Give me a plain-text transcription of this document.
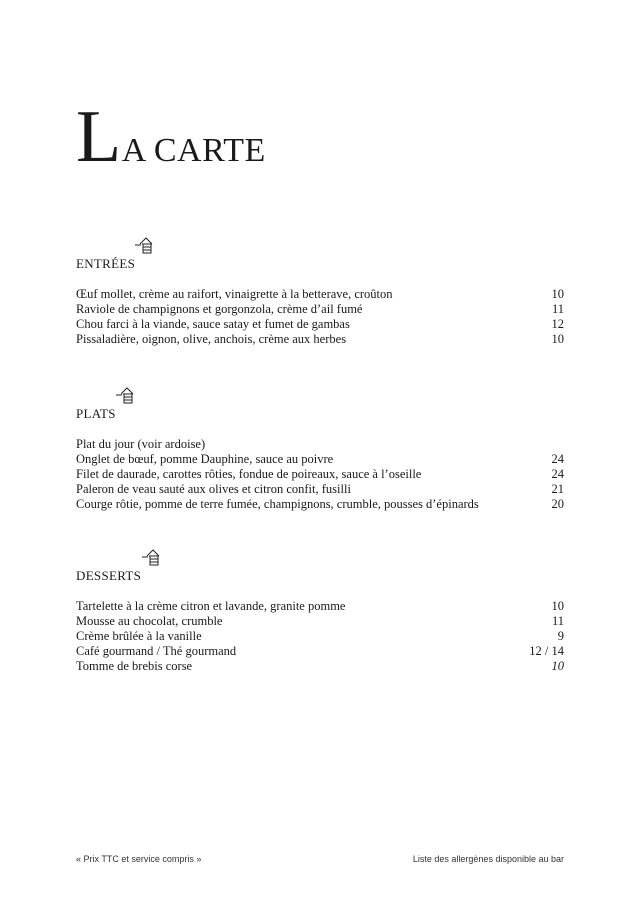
LA CARTE
ENTRÉES
Œuf mollet, crème au raifort, vinaigrette à la betterave, croûton	10
Raviole de champignons et gorgonzola, crème d’ail fumé	11
Chou farci à la viande, sauce satay et fumet de gambas	12
Pissaladière, oignon, olive, anchois, crème aux herbes	10
PLATS
Plat du jour (voir ardoise)
Onglet de bœuf, pomme Dauphine, sauce au poivre	24
Filet de daurade, carottes rôties, fondue de poireaux, sauce à l’oseille	24
Paleron de veau sauté aux olives et citron confit, fusilli	21
Courge rôtie, pomme de terre fumée, champignons, crumble, pousses d’épinards	20
DESSERTS
Tartelette à la crème citron et lavande, granite pomme	10
Mousse au chocolat, crumble	11
Crème brûlée à la vanille	9
Café gourmand / Thé gourmand	12 / 14
Tomme de brebis corse	10
« Prix TTC et service compris »	Liste des allergènes disponible au bar
